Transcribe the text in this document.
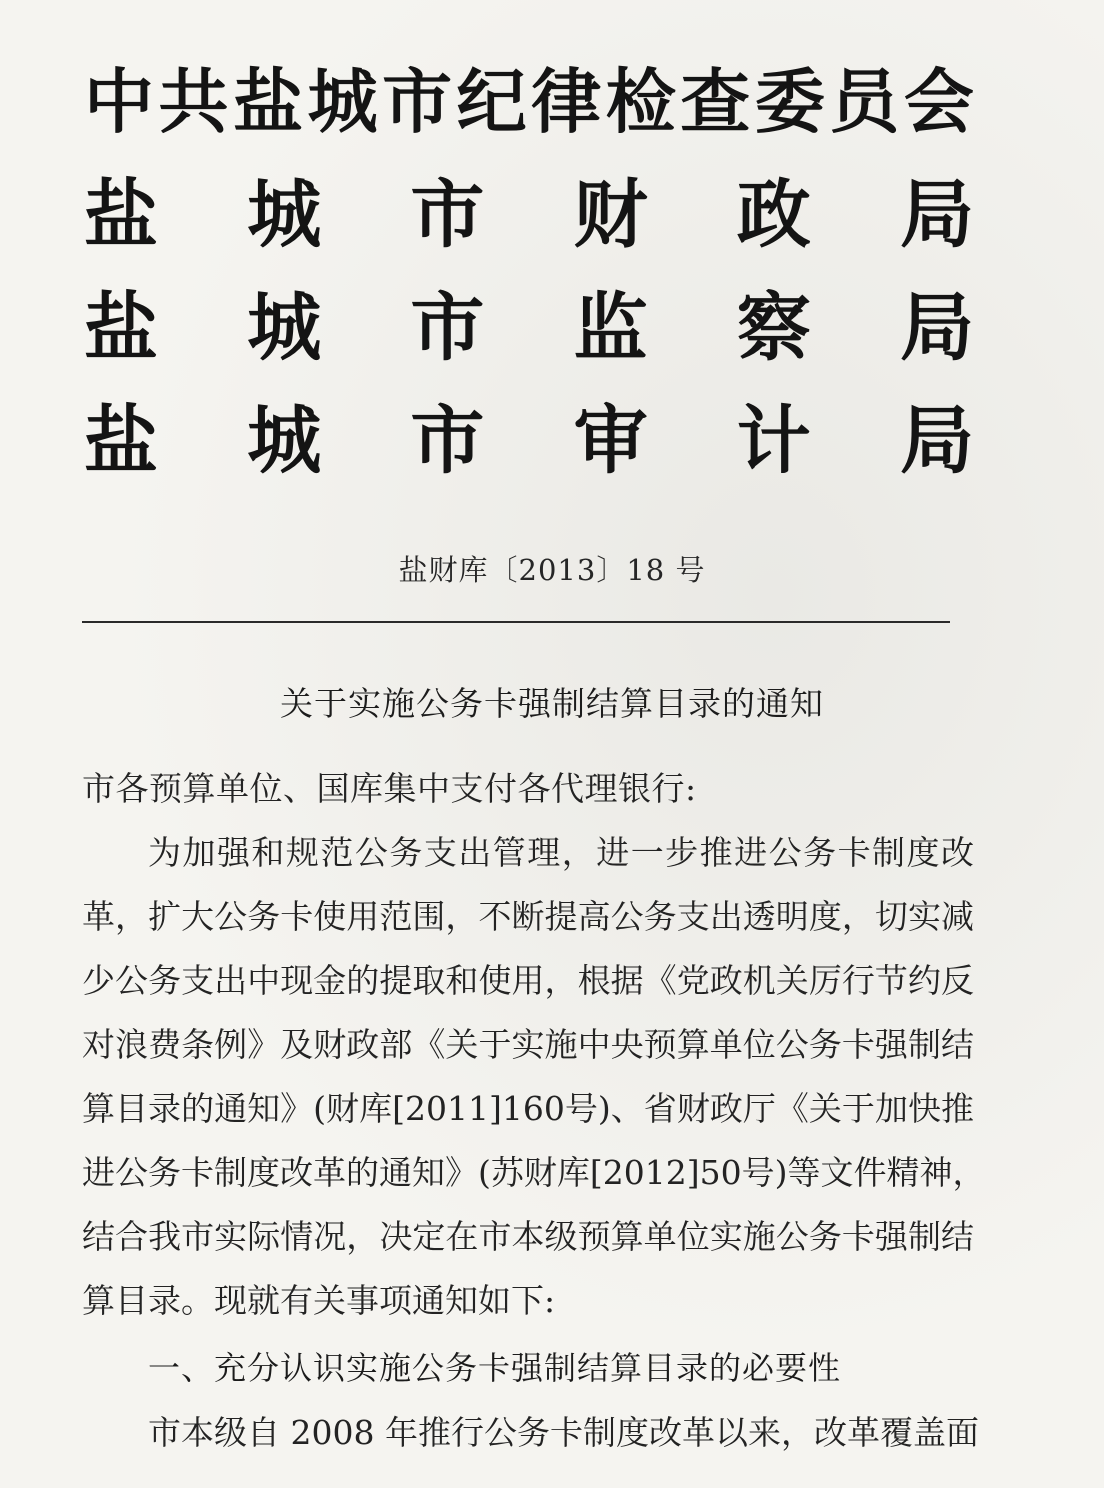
中 共 盐 城 市 纪 律 检 查 委 员 会
盐 城 市 财 政 局
盐 城 市 监 察 局
盐 城 市 审 计 局
盐财库〔2013〕18 号
关于实施公务卡强制结算目录的通知
市各预算单位、国库集中支付各代理银行:
为加强和规范公务支出管理，进一步推进公务卡制度改
革，扩大公务卡使用范围，不断提高公务支出透明度，切实减
少公务支出中现金的提取和使用，根据《党政机关厉行节约反
对浪费条例》及财政部《关于实施中央预算单位公务卡强制结
算目录的通知》(财库[2011]160号)、省财政厅《关于加快推
进公务卡制度改革的通知》(苏财库[2012]50号)等文件精神，
结合我市实际情况，决定在市本级预算单位实施公务卡强制结
算目录。现就有关事项通知如下:
一、充分认识实施公务卡强制结算目录的必要性
市本级自 2008 年推行公务卡制度改革以来，改革覆盖面
